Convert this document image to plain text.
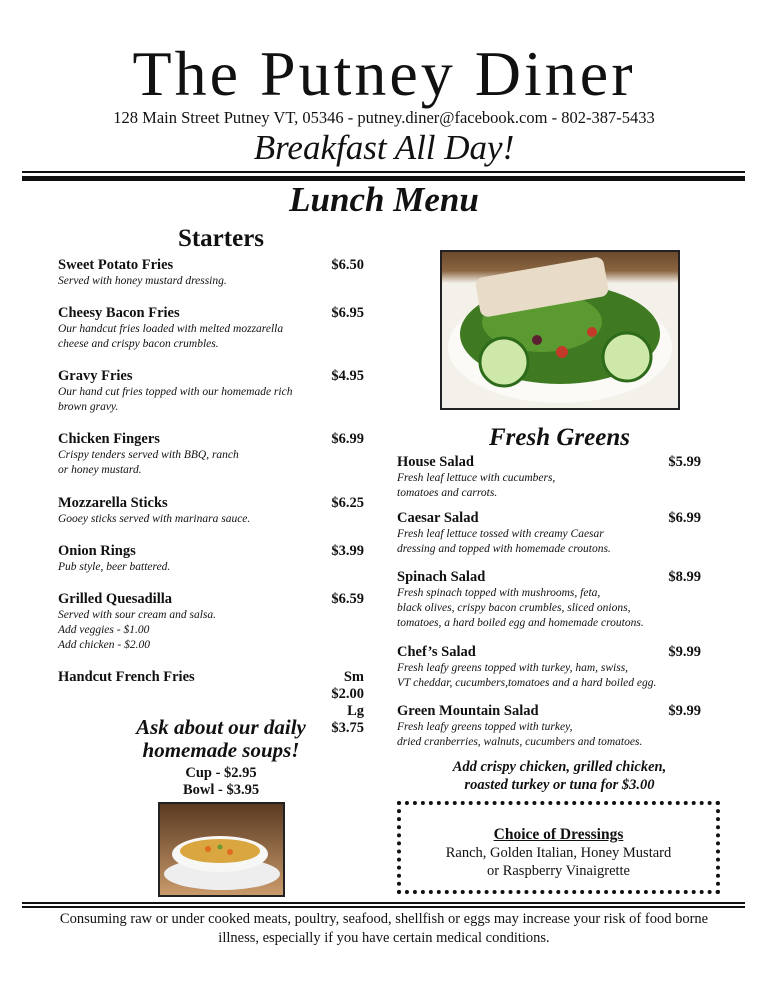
The Putney Diner
128 Main Street Putney VT, 05346 - putney.diner@facebook.com - 802-387-5433
Breakfast All Day!
Lunch Menu
Starters
Sweet Potato Fries	$6.50
Served with honey mustard dressing.
Cheesy Bacon Fries	$6.95
Our handcut fries loaded with melted mozzarella
cheese and crispy bacon crumbles.
Gravy Fries	$4.95
Our hand cut fries topped with our homemade rich
brown gravy.
Chicken Fingers	$6.99
Crispy tenders served with BBQ, ranch
or honey mustard.
Mozzarella Sticks	$6.25
Gooey sticks served with marinara sauce.
Onion Rings	$3.99
Pub style, beer battered.
Grilled Quesadilla	$6.59
Served with sour cream and salsa.
Add veggies - $1.00
Add chicken - $2.00
Handcut French Fries	Sm $2.00
Lg $3.75
Fresh Greens
House Salad	$5.99
Fresh leaf lettuce with cucumbers,
tomatoes and carrots.
Caesar Salad	$6.99
Fresh leaf lettuce tossed with creamy Caesar
dressing and topped with homemade croutons.
Spinach Salad	$8.99
Fresh spinach topped with mushrooms, feta,
black olives, crispy bacon crumbles, sliced onions,
tomatoes, a hard boiled egg and homemade croutons.
Chef’s Salad	$9.99
Fresh leafy greens topped with turkey, ham, swiss,
VT cheddar, cucumbers,tomatoes and a hard boiled egg.
Green Mountain Salad	$9.99
Fresh leafy greens topped with turkey,
dried cranberries, walnuts, cucumbers and tomatoes.
Ask about our daily
homemade soups!
Cup - $2.95
Bowl - $3.95
Add crispy chicken, grilled chicken,
roasted turkey or tuna for $3.00
Choice of Dressings
Ranch, Golden Italian, Honey Mustard
or Raspberry Vinaigrette
Consuming raw or under cooked meats, poultry, seafood, shellfish or eggs may increase your risk of food borne
illness, especially if you have certain medical conditions.
